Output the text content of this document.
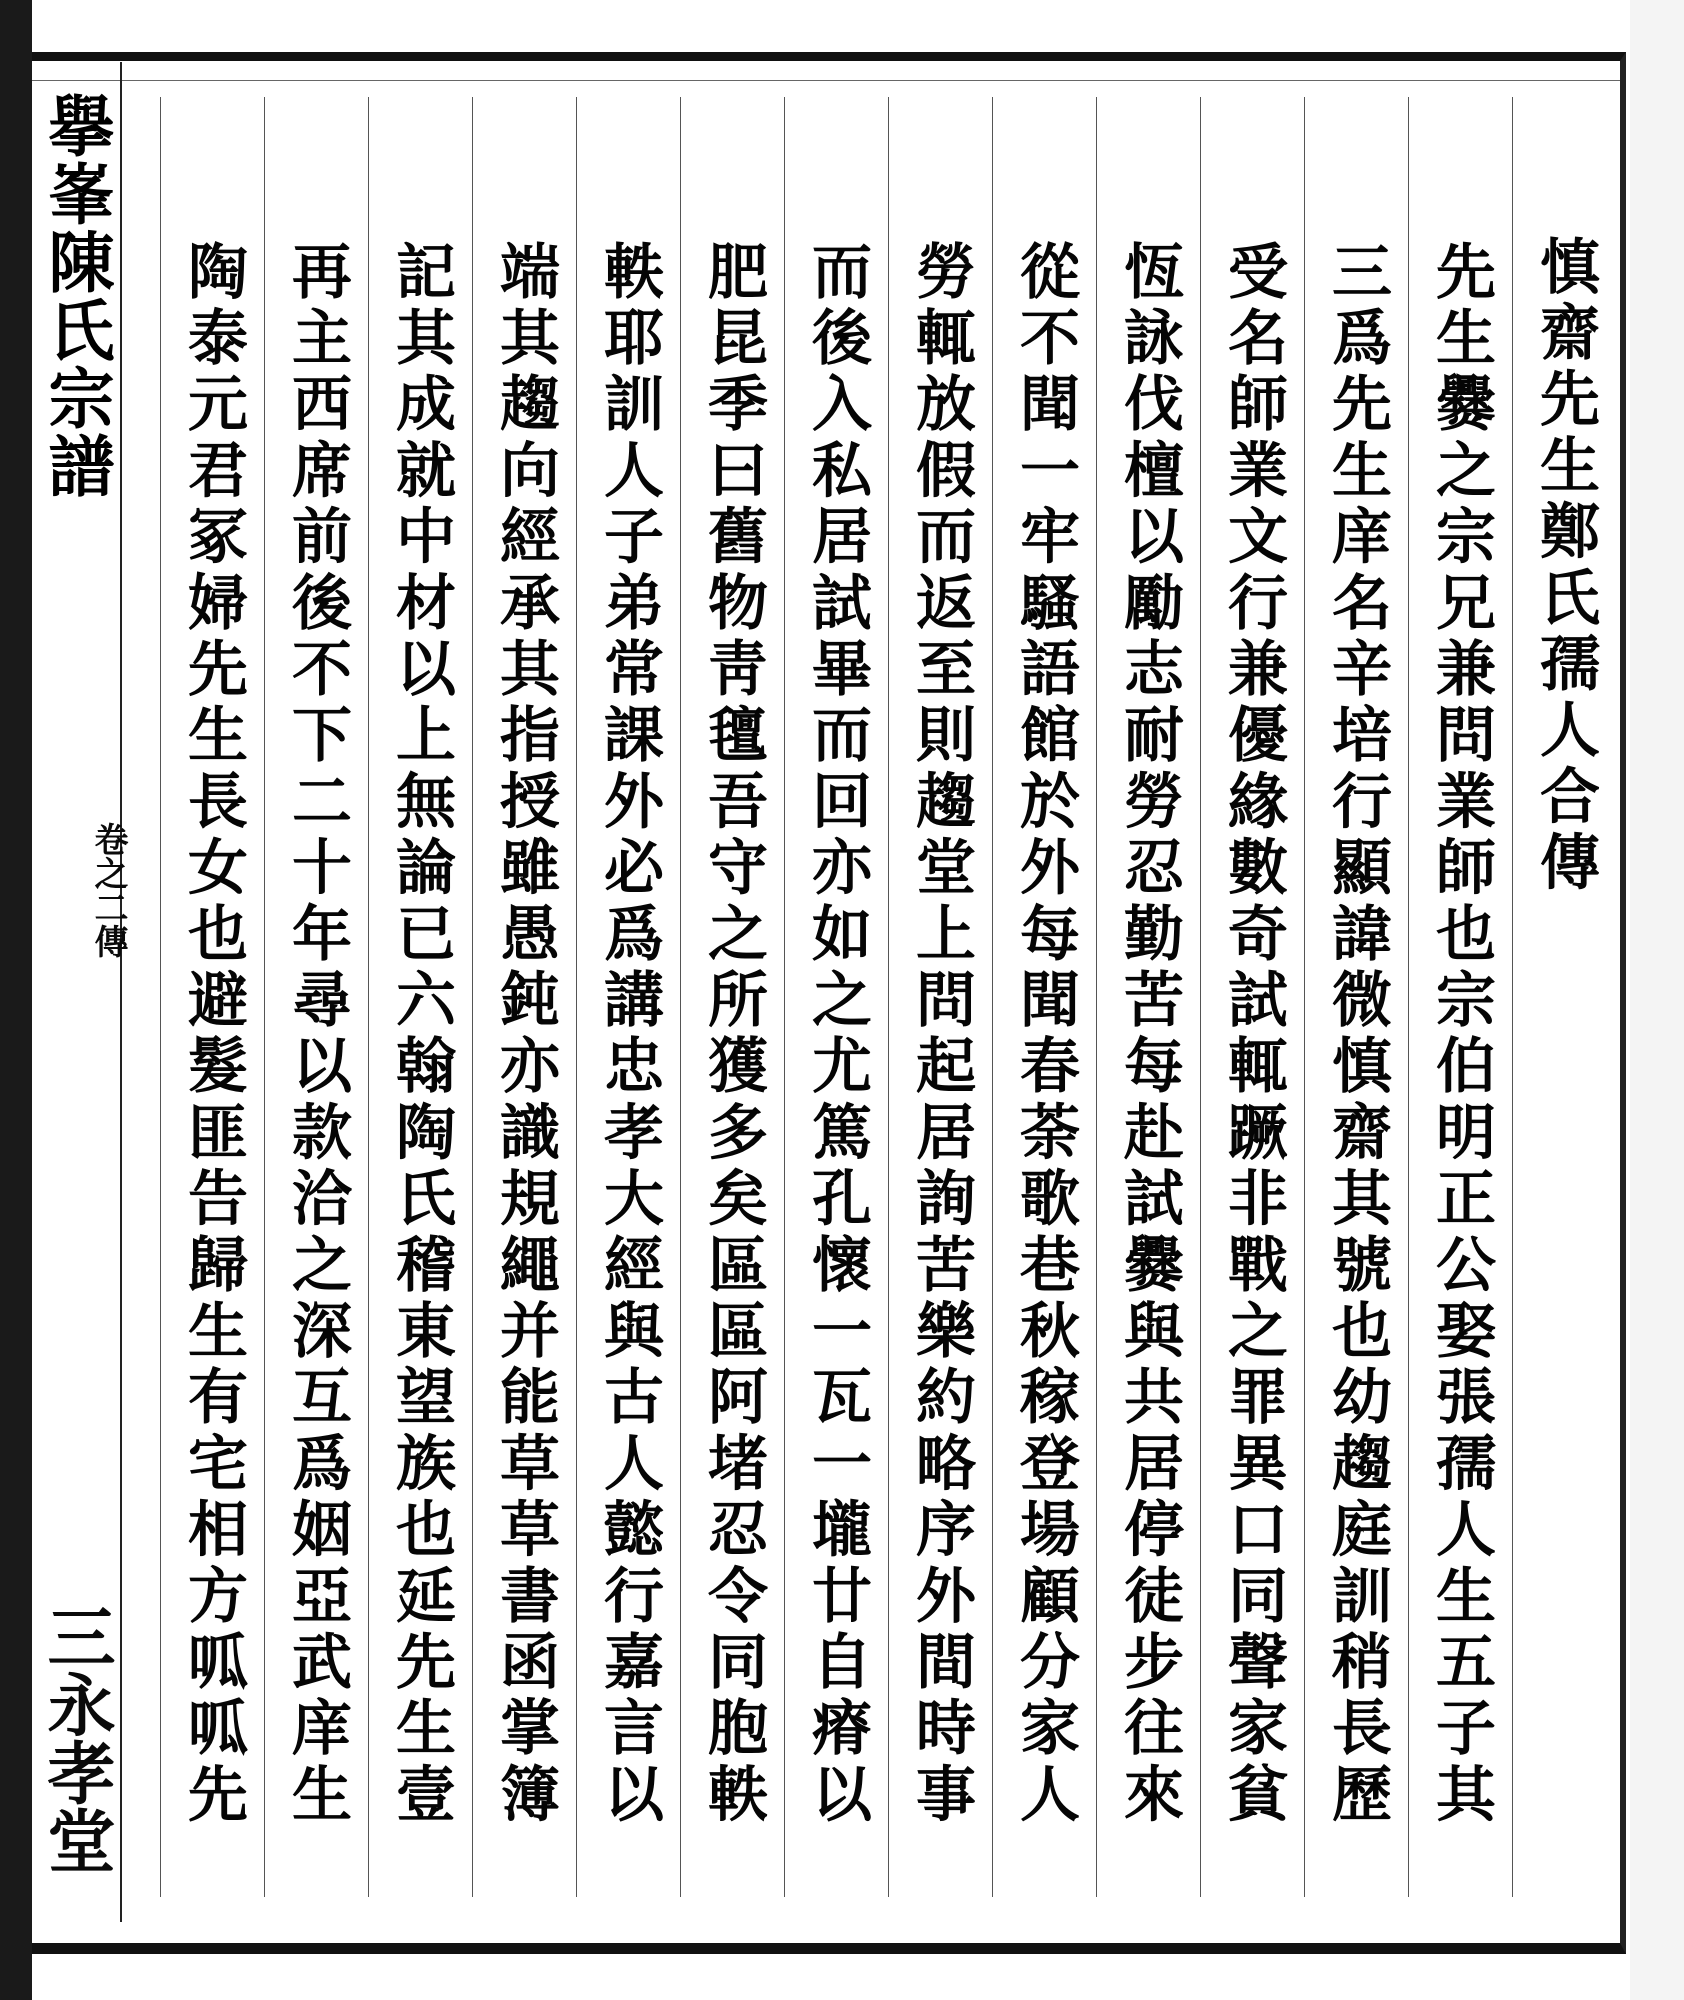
擧峯陳氏宗譜
卷之二傳
三永孝堂
慎齋先生鄭氏孺人合傳
先生爨之宗兄兼問業師也宗伯明正公娶張孺人生五子其
三爲先生庠名辛培行顯諱微慎齋其號也幼趨庭訓稍長歷
受名師業文行兼優緣數奇試輒蹶非戰之罪異口同聲家貧
恆詠伐檀以勵志耐勞忍勤苦每赴試爨與共居停徒步往來
從不聞一牢騷語館於外每聞春荼歌巷秋稼登場顧分家人
勞輒放假而返至則趨堂上問起居詢苦樂約略序外間時事
而後入私居試畢而回亦如之尤篤孔懷一瓦一壠廿自瘠以
肥昆季曰舊物靑氊吾守之所獲多矣區區阿堵忍令同胞軼
軼耶訓人子弟常課外必爲講忠孝大經與古人懿行嘉言以
端其趨向經承其指授雖愚鈍亦識規繩并能草草書函掌簿
記其成就中材以上無論已六翰陶氏稽東望族也延先生壹
再主西席前後不下二十年尋以款洽之深互爲姻亞武庠生
陶泰元君冢婦先生長女也避髮匪告歸生有宅相方呱呱先
